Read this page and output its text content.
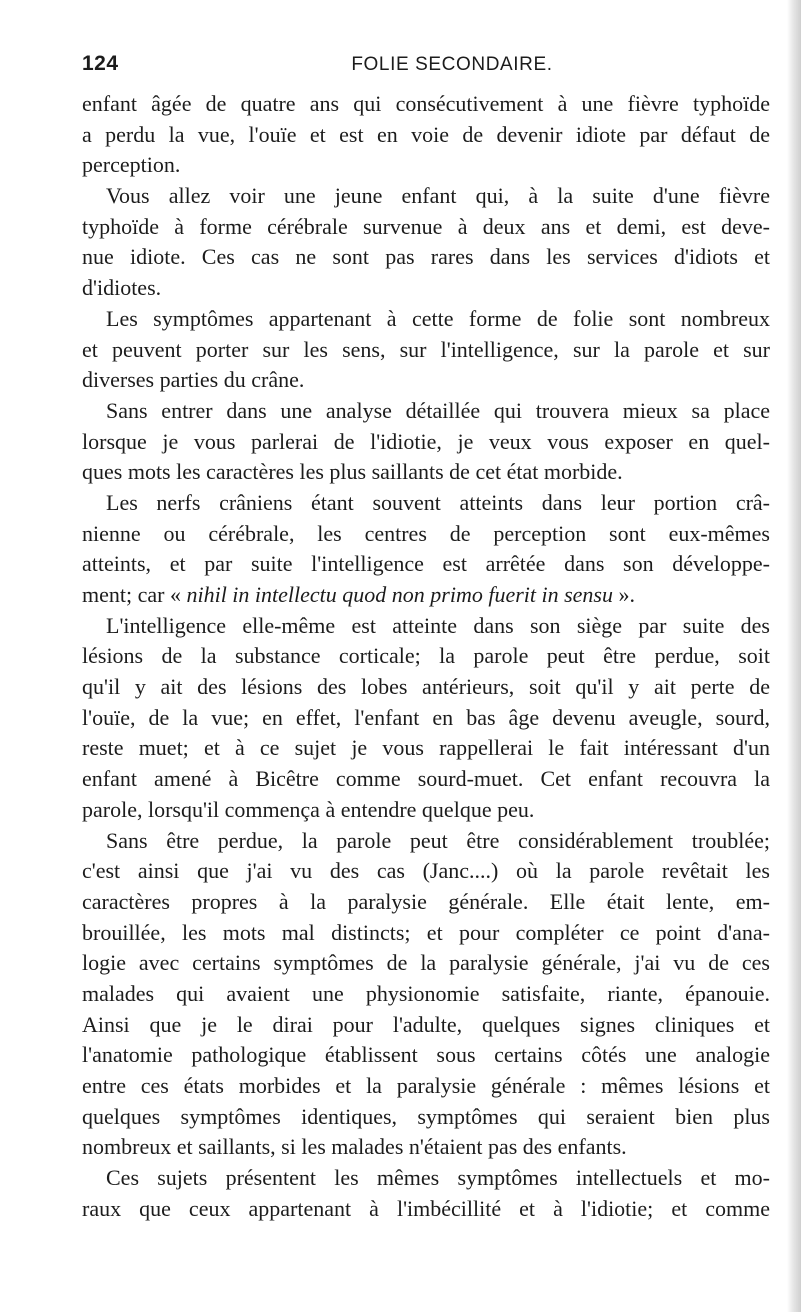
124	FOLIE SECONDAIRE.
enfant âgée de quatre ans qui consécutivement à une fièvre typhoïde
a perdu la vue, l'ouïe et est en voie de devenir idiote par défaut de
perception.
Vous allez voir une jeune enfant qui, à la suite d'une fièvre
typhoïde à forme cérébrale survenue à deux ans et demi, est deve-
nue idiote. Ces cas ne sont pas rares dans les services d'idiots et
d'idiotes.
Les symptômes appartenant à cette forme de folie sont nombreux
et peuvent porter sur les sens, sur l'intelligence, sur la parole et sur
diverses parties du crâne.
Sans entrer dans une analyse détaillée qui trouvera mieux sa place
lorsque je vous parlerai de l'idiotie, je veux vous exposer en quel-
ques mots les caractères les plus saillants de cet état morbide.
Les nerfs crâniens étant souvent atteints dans leur portion crâ-
nienne ou cérébrale, les centres de perception sont eux-mêmes
atteints, et par suite l'intelligence est arrêtée dans son développe-
ment; car « nihil in intellectu quod non primo fuerit in sensu ».
L'intelligence elle-même est atteinte dans son siège par suite des
lésions de la substance corticale; la parole peut être perdue, soit
qu'il y ait des lésions des lobes antérieurs, soit qu'il y ait perte de
l'ouïe, de la vue; en effet, l'enfant en bas âge devenu aveugle, sourd,
reste muet; et à ce sujet je vous rappellerai le fait intéressant d'un
enfant amené à Bicêtre comme sourd-muet. Cet enfant recouvra la
parole, lorsqu'il commença à entendre quelque peu.
Sans être perdue, la parole peut être considérablement troublée;
c'est ainsi que j'ai vu des cas (Janc....) où la parole revêtait les
caractères propres à la paralysie générale. Elle était lente, em-
brouillée, les mots mal distincts; et pour compléter ce point d'ana-
logie avec certains symptômes de la paralysie générale, j'ai vu de ces
malades qui avaient une physionomie satisfaite, riante, épanouie.
Ainsi que je le dirai pour l'adulte, quelques signes cliniques et
l'anatomie pathologique établissent sous certains côtés une analogie
entre ces états morbides et la paralysie générale : mêmes lésions et
quelques symptômes identiques, symptômes qui seraient bien plus
nombreux et saillants, si les malades n'étaient pas des enfants.
Ces sujets présentent les mêmes symptômes intellectuels et mo-
raux que ceux appartenant à l'imbécillité et à l'idiotie; et comme
